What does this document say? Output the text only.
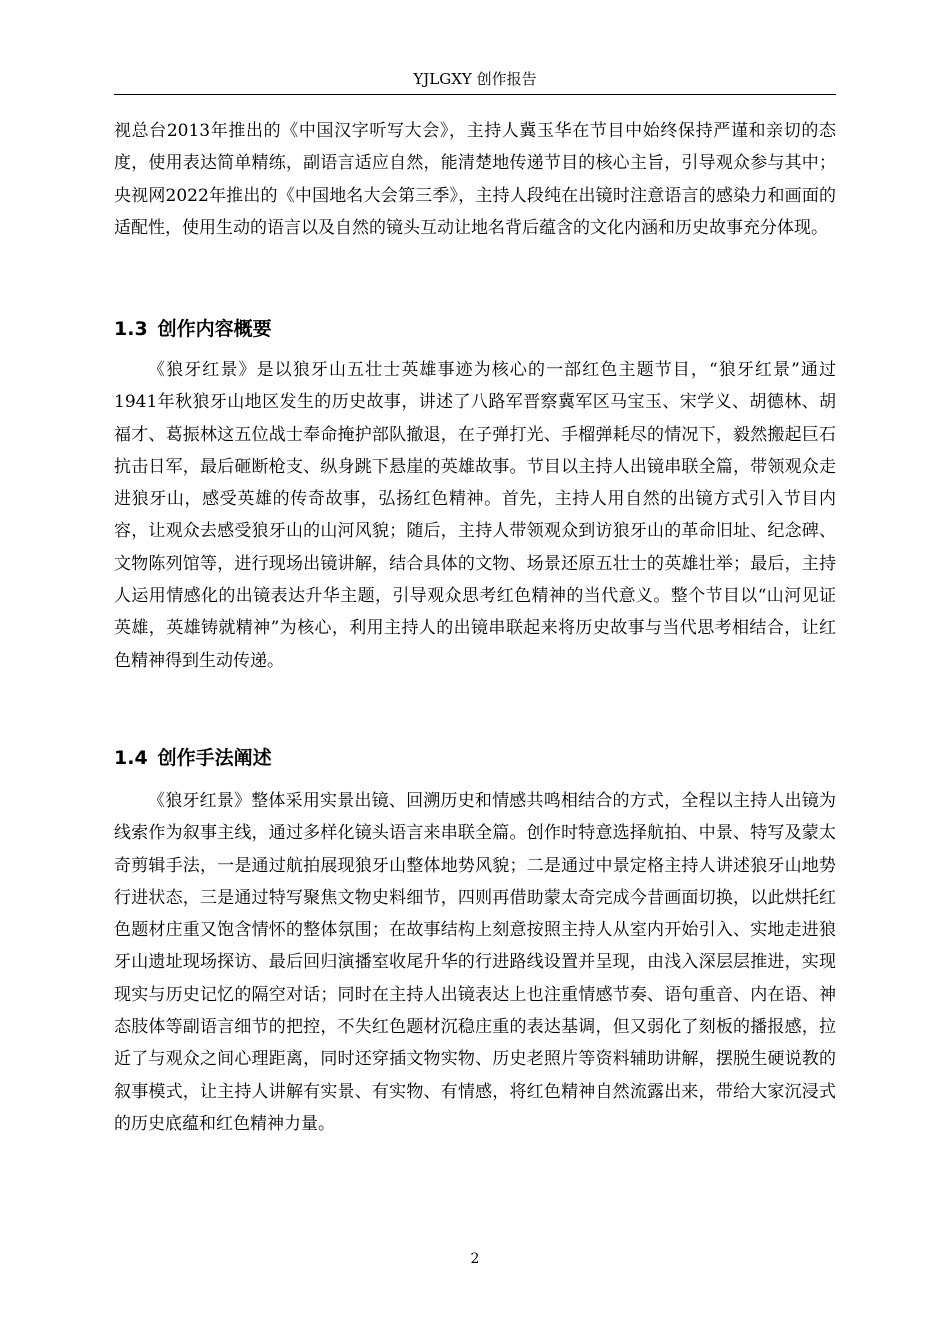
YJLGXY 创作报告

视总台2013年推出的《中国汉字听写大会》，主持人冀玉华在节目中始终保持严谨和亲切的态度，使用表达简单精练，副语言适应自然，能清楚地传递节目的核心主旨，引导观众参与其中；央视网2022年推出的《中国地名大会第三季》，主持人段纯在出镜时注意语言的感染力和画面的适配性，使用生动的语言以及自然的镜头互动让地名背后蕴含的文化内涵和历史故事充分体现。

1.3 创作内容概要

《狼牙红景》是以狼牙山五壮士英雄事迹为核心的一部红色主题节目，“狼牙红景”通过1941年秋狼牙山地区发生的历史故事，讲述了八路军晋察冀军区马宝玉、宋学义、胡德林、胡福才、葛振林这五位战士奉命掩护部队撤退，在子弹打光、手榴弹耗尽的情况下，毅然搬起巨石抗击日军，最后砸断枪支、纵身跳下悬崖的英雄故事。节目以主持人出镜串联全篇，带领观众走进狼牙山，感受英雄的传奇故事，弘扬红色精神。首先，主持人用自然的出镜方式引入节目内容，让观众去感受狼牙山的山河风貌；随后，主持人带领观众到访狼牙山的革命旧址、纪念碑、文物陈列馆等，进行现场出镜讲解，结合具体的文物、场景还原五壮士的英雄壮举；最后，主持人运用情感化的出镜表达升华主题，引导观众思考红色精神的当代意义。整个节目以“山河见证英雄，英雄铸就精神”为核心，利用主持人的出镜串联起来将历史故事与当代思考相结合，让红色精神得到生动传递。

1.4 创作手法阐述

《狼牙红景》整体采用实景出镜、回溯历史和情感共鸣相结合的方式，全程以主持人出镜为线索作为叙事主线，通过多样化镜头语言来串联全篇。创作时特意选择航拍、中景、特写及蒙太奇剪辑手法，一是通过航拍展现狼牙山整体地势风貌；二是通过中景定格主持人讲述狼牙山地势行进状态，三是通过特写聚焦文物史料细节，四则再借助蒙太奇完成今昔画面切换，以此烘托红色题材庄重又饱含情怀的整体氛围；在故事结构上刻意按照主持人从室内开始引入、实地走进狼牙山遗址现场探访、最后回归演播室收尾升华的行进路线设置并呈现，由浅入深层层推进，实现现实与历史记忆的隔空对话；同时在主持人出镜表达上也注重情感节奏、语句重音、内在语、神态肢体等副语言细节的把控，不失红色题材沉稳庄重的表达基调，但又弱化了刻板的播报感，拉近了与观众之间心理距离，同时还穿插文物实物、历史老照片等资料辅助讲解，摆脱生硬说教的叙事模式，让主持人讲解有实景、有实物、有情感，将红色精神自然流露出来，带给大家沉浸式的历史底蕴和红色精神力量。

2
